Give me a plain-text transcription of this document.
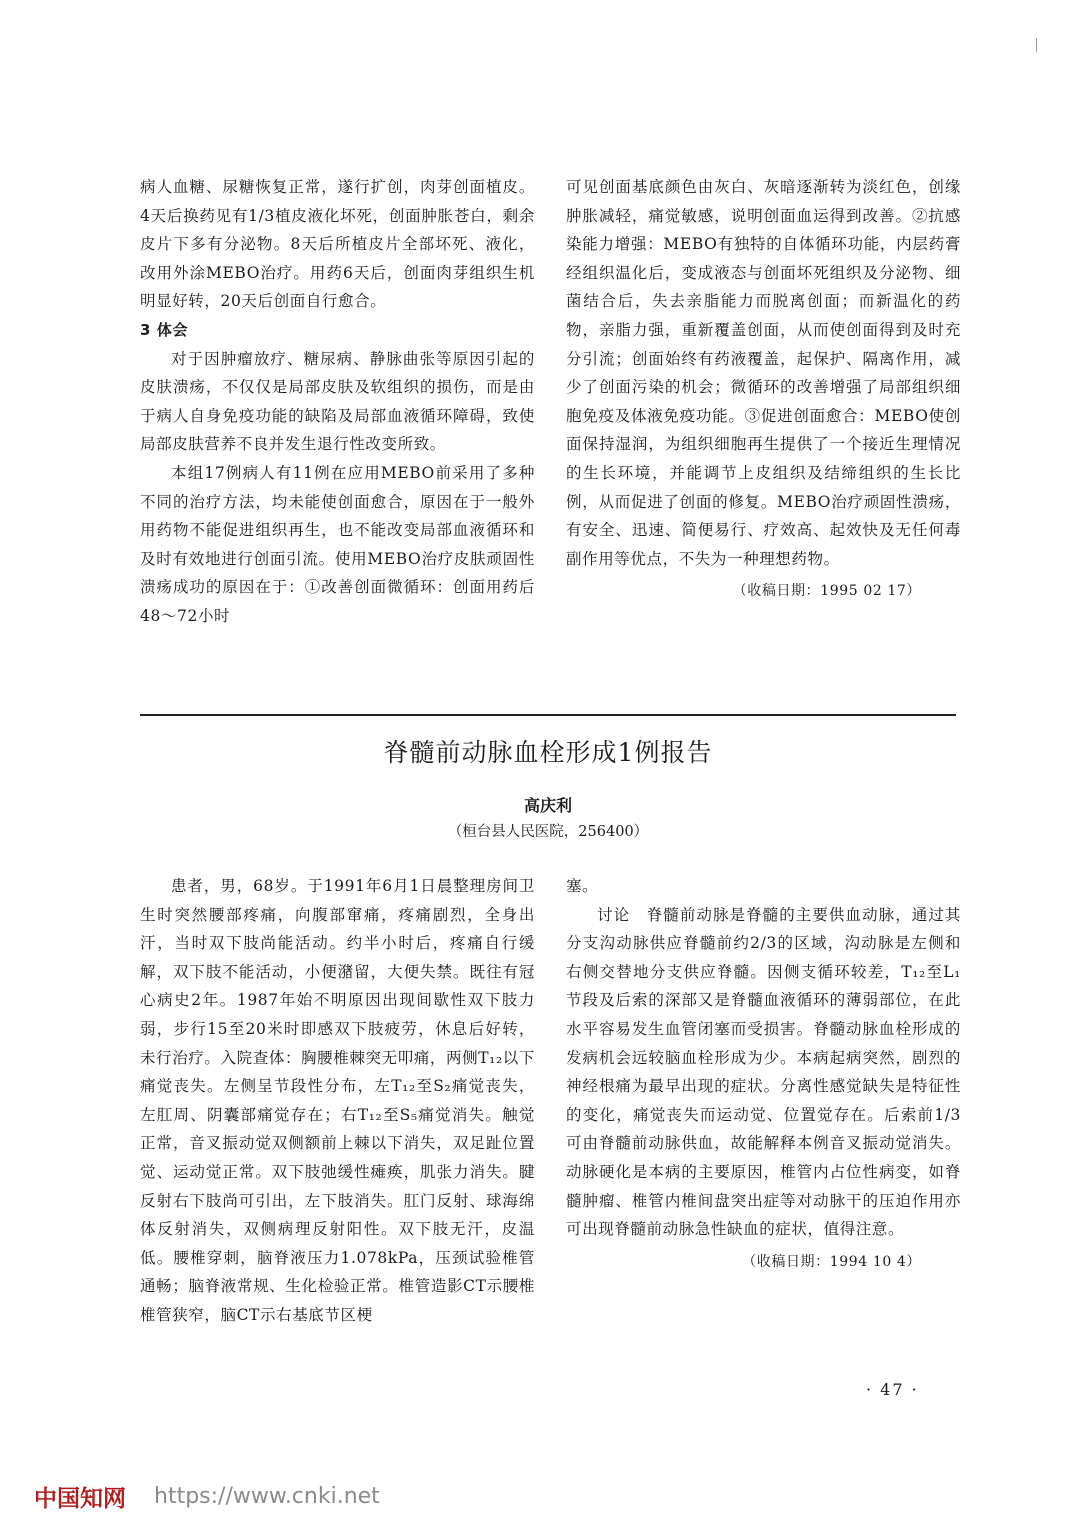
病人血糖、尿糖恢复正常，遂行扩创，肉芽创面植皮。4天后换药见有1/3植皮液化坏死，创面肿胀苍白，剩余皮片下多有分泌物。8天后所植皮片全部坏死、液化，改用外涂MEBO治疗。用药6天后，创面肉芽组织生机明显好转，20天后创面自行愈合。

3 体会

对于因肿瘤放疗、糖尿病、静脉曲张等原因引起的皮肤溃疡，不仅仅是局部皮肤及软组织的损伤，而是由于病人自身免疫功能的缺陷及局部血液循环障碍，致使局部皮肤营养不良并发生退行性改变所致。

本组17例病人有11例在应用MEBO前采用了多种不同的治疗方法，均未能使创面愈合，原因在于一般外用药物不能促进组织再生，也不能改变局部血液循环和及时有效地进行创面引流。使用MEBO治疗皮肤顽固性溃疡成功的原因在于：①改善创面微循环：创面用药后48～72小时

可见创面基底颜色由灰白、灰暗逐渐转为淡红色，创缘肿胀减轻，痛觉敏感，说明创面血运得到改善。②抗感染能力增强：MEBO有独特的自体循环功能，内层药膏经组织温化后，变成液态与创面坏死组织及分泌物、细菌结合后，失去亲脂能力而脱离创面；而新温化的药物，亲脂力强，重新覆盖创面，从而使创面得到及时充分引流；创面始终有药液覆盖，起保护、隔离作用，减少了创面污染的机会；微循环的改善增强了局部组织细胞免疫及体液免疫功能。③促进创面愈合：MEBO使创面保持湿润，为组织细胞再生提供了一个接近生理情况的生长环境，并能调节上皮组织及结缔组织的生长比例，从而促进了创面的修复。MEBO治疗顽固性溃疡，有安全、迅速、简便易行、疗效高、起效快及无任何毒副作用等优点，不失为一种理想药物。

（收稿日期：1995 02 17）

脊髓前动脉血栓形成1例报告
高庆利
（桓台县人民医院，256400）

患者，男，68岁。于1991年6月1日晨整理房间卫生时突然腰部疼痛，向腹部窜痛，疼痛剧烈，全身出汗，当时双下肢尚能活动。约半小时后，疼痛自行缓解，双下肢不能活动，小便潴留，大便失禁。既往有冠心病史2年。1987年始不明原因出现间歇性双下肢力弱，步行15至20米时即感双下肢疲劳，休息后好转，未行治疗。入院查体：胸腰椎棘突无叩痛，两侧T₁₂以下痛觉丧失。左侧呈节段性分布，左T₁₂至S₂痛觉丧失，左肛周、阴囊部痛觉存在；右T₁₂至S₅痛觉消失。触觉正常，音叉振动觉双侧额前上棘以下消失，双足趾位置觉、运动觉正常。双下肢弛缓性瘫痪，肌张力消失。腱反射右下肢尚可引出，左下肢消失。肛门反射、球海绵体反射消失，双侧病理反射阳性。双下肢无汗，皮温低。腰椎穿刺，脑脊液压力1.078kPa，压颈试验椎管通畅；脑脊液常规、生化检验正常。椎管造影CT示腰椎椎管狭窄，脑CT示右基底节区梗

塞。

讨论　脊髓前动脉是脊髓的主要供血动脉，通过其分支沟动脉供应脊髓前约2/3的区域，沟动脉是左侧和右侧交替地分支供应脊髓。因侧支循环较差，T₁₂至L₁节段及后索的深部又是脊髓血液循环的薄弱部位，在此水平容易发生血管闭塞而受损害。脊髓动脉血栓形成的发病机会远较脑血栓形成为少。本病起病突然，剧烈的神经根痛为最早出现的症状。分离性感觉缺失是特征性的变化，痛觉丧失而运动觉、位置觉存在。后索前1/3可由脊髓前动脉供血，故能解释本例音叉振动觉消失。动脉硬化是本病的主要原因，椎管内占位性病变，如脊髓肿瘤、椎管内椎间盘突出症等对动脉干的压迫作用亦可出现脊髓前动脉急性缺血的症状，值得注意。

（收稿日期：1994 10 4）

· 47 ·
中国知网 https://www.cnki.net
